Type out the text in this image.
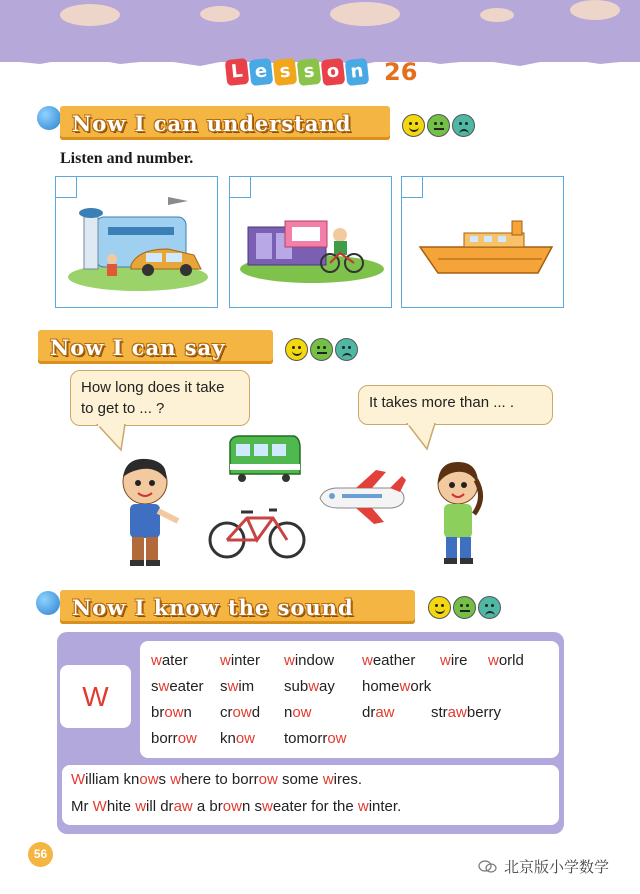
L e s s o n 26
Now I can understand
Listen and number.
Now I can say
How long does it take to get to ... ?	It takes more than ... .
Now I know the sound
W
water winter window weather wire world
sweater swim subway homework
brown crowd now	draw strawberry
borrow know tomorrow
William knows where to borrow some wires.
Mr White will draw a brown sweater for the winter.
56
北京版小学数学
